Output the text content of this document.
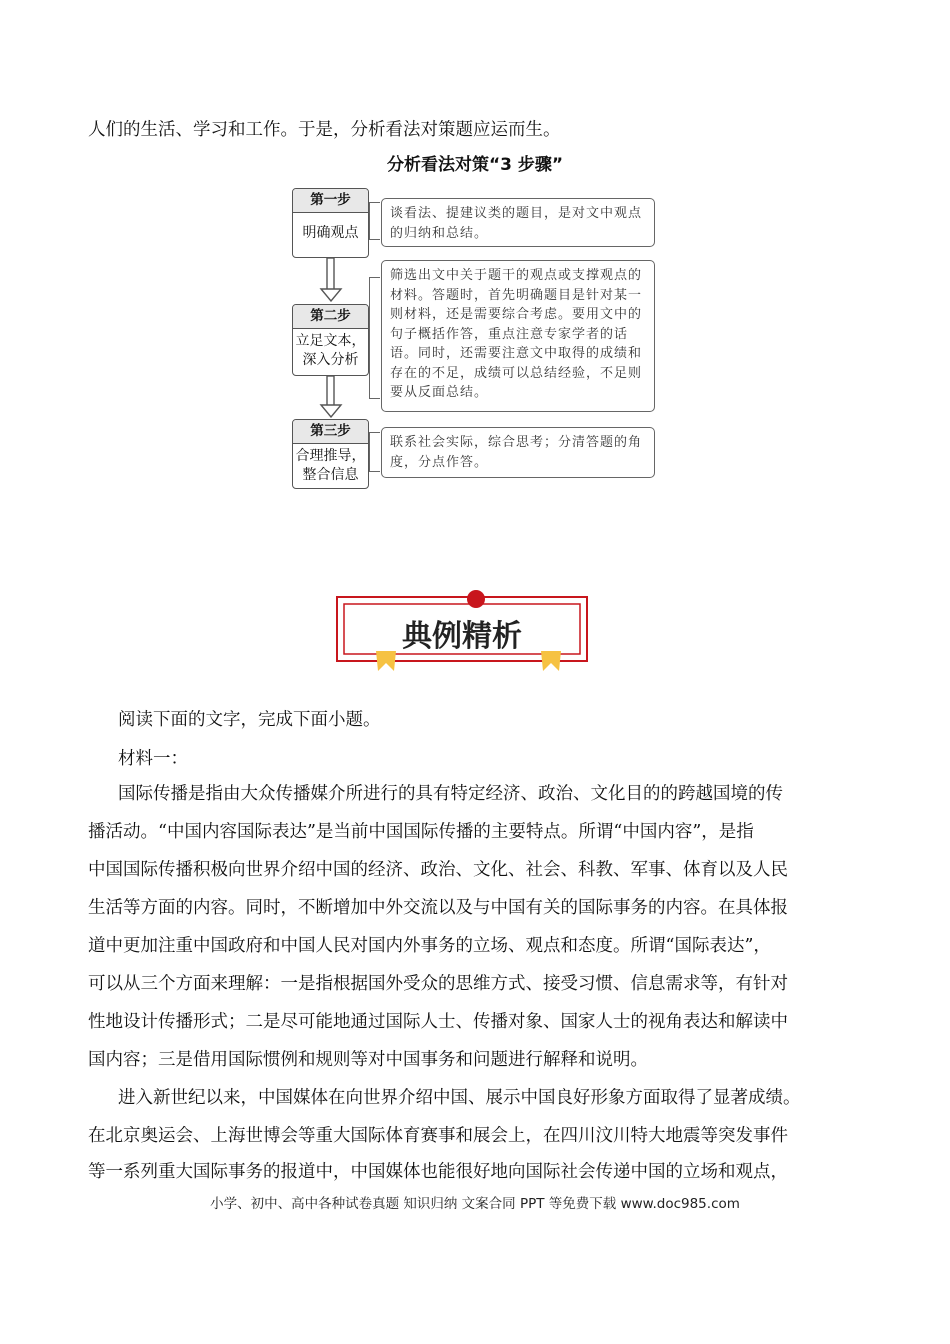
人们的生活、学习和工作。于是，分析看法对策题应运而生。
分析看法对策“3 步骤”
第一步
明确观点
谈看法、提建议类的题目，是对文中观点的归纳和总结。
第二步
立足文本，
深入分析
筛选出文中关于题干的观点或支撑观点的材料。答题时，首先明确题目是针对某一则材料，还是需要综合考虑。要用文中的句子概括作答，重点注意专家学者的话语。同时，还需要注意文中取得的成绩和存在的不足，成绩可以总结经验，不足则要从反面总结。
第三步
合理推导，
整合信息
联系社会实际，综合思考；分清答题的角度，分点作答。
典例精析
阅读下面的文字，完成下面小题。
材料一：
国际传播是指由大众传播媒介所进行的具有特定经济、政治、文化目的的跨越国境的传
播活动。“中国内容国际表达”是当前中国国际传播的主要特点。所谓“中国内容”，是指
中国国际传播积极向世界介绍中国的经济、政治、文化、社会、科教、军事、体育以及人民
生活等方面的内容。同时，不断增加中外交流以及与中国有关的国际事务的内容。在具体报
道中更加注重中国政府和中国人民对国内外事务的立场、观点和态度。所谓“国际表达”，
可以从三个方面来理解：一是指根据国外受众的思维方式、接受习惯、信息需求等，有针对
性地设计传播形式；二是尽可能地通过国际人士、传播对象、国家人士的视角表达和解读中
国内容；三是借用国际惯例和规则等对中国事务和问题进行解释和说明。
进入新世纪以来，中国媒体在向世界介绍中国、展示中国良好形象方面取得了显著成绩。
在北京奥运会、上海世博会等重大国际体育赛事和展会上，在四川汶川特大地震等突发事件
等一系列重大国际事务的报道中，中国媒体也能很好地向国际社会传递中国的立场和观点，
小学、初中、高中各种试卷真题 知识归纳 文案合同 PPT 等免费下载 www.doc985.com
